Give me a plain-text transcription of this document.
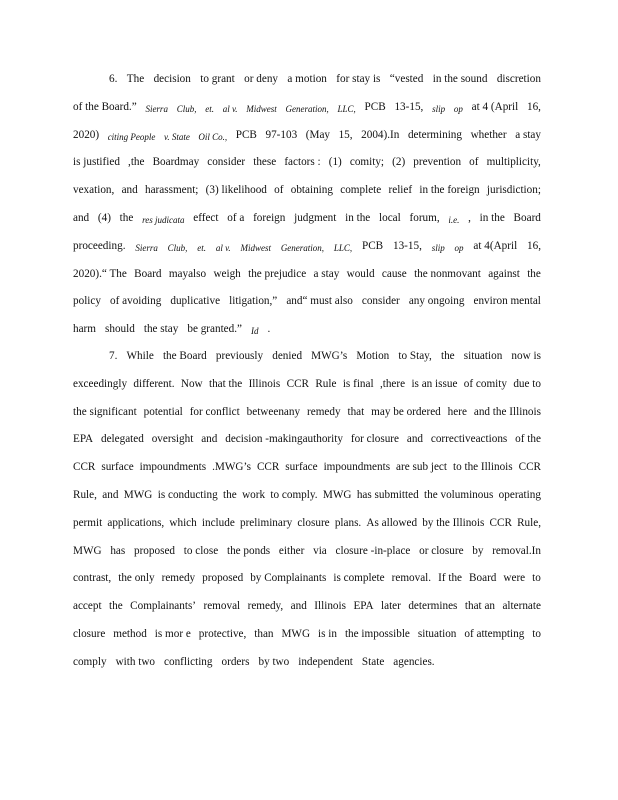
6. The decision to grant or deny a motion for stay is “vested in the sound discretion
of the Board.” Sierra Club, et. al v. Midwest Generation, LLC, PCB 13-15, slip op at 4 (April 16,
2020) citing People v. State Oil Co., PCB 97-103 (May 15, 2004).In determining whether a stay
is justified ,the Boardmay consider these factors : (1) comity; (2) prevention of multiplicity,
vexation, and harassment; (3) likelihood of obtaining complete relief in the foreign jurisdiction;
and (4) the res judicata effect of a foreign judgment in the local forum, i.e. , in the Board
proceeding. Sierra Club, et. al v. Midwest Generation, LLC, PCB 13-15, slip op at 4(April 16,
2020).“ The Board mayalso weigh the prejudice a stay would cause the nonmovant against the
policy of avoiding duplicative litigation,” and“ must also consider any ongoing environ mental
harm should the stay be granted.” Id .
7. While the Board previously denied MWG’s Motion to Stay, the situation now is
exceedingly different. Now that the Illinois CCR Rule is final ,there is an issue of comity due to
the significant potential for conflict betweenany remedy that may be ordered here and the Illinois
EPA delegated oversight and decision -makingauthority for closure and correctiveactions of the
CCR surface impoundments .MWG’s CCR surface impoundments are sub ject to the Illinois CCR
Rule, and MWG is conducting the work to comply. MWG has submitted the voluminous operating
permit applications, which include preliminary closure plans. As allowed by the Illinois CCR Rule,
MWG has proposed to close the ponds either via closure -in-place or closure by removal.In
contrast, the only remedy proposed by Complainants is complete removal. If the Board were to
accept the Complainants’ removal remedy, and Illinois EPA later determines that an alternate
closure method is mor e protective, than MWG is in the impossible situation of attempting to
comply with two conflicting orders by two independent State agencies.
